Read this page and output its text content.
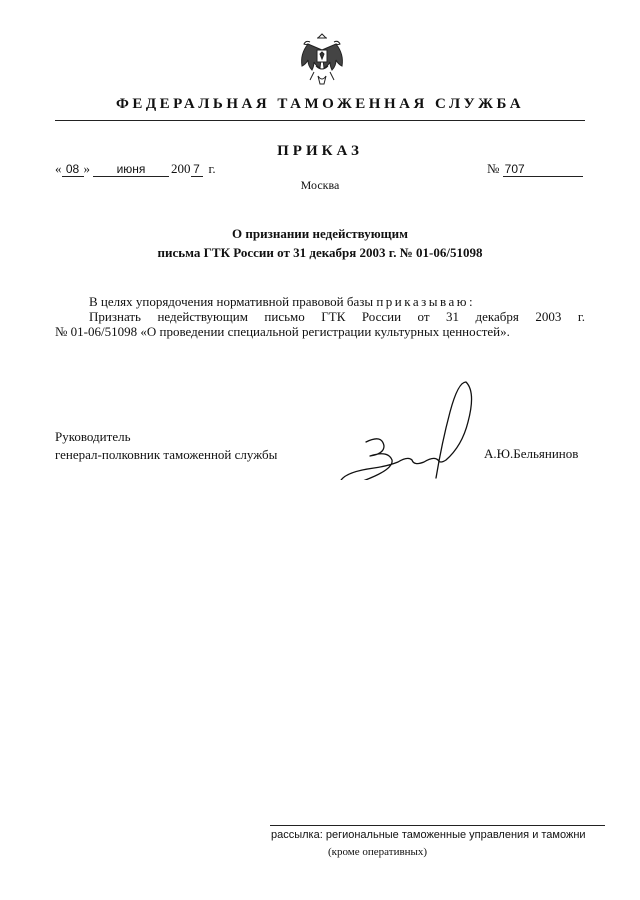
ФЕДЕРАЛЬНАЯ ТАМОЖЕННАЯ СЛУЖБА
ПРИКАЗ
« 08 » июня 200 7 г.	№ 707
Москва
О признании недействующим
письма ГТК России от 31 декабря 2003 г. № 01-06/51098

В целях упорядочения нормативной правовой базы приказываю:

Признать недействующим письмо ГТК России от 31 декабря 2003 г.

№ 01-06/51098 «О проведении специальной регистрации культурных ценностей».

Руководитель
генерал-полковник таможенной службы	А.Ю.Бельянинов
рассылка: региональные таможенные управления и таможни
(кроме оперативных)
